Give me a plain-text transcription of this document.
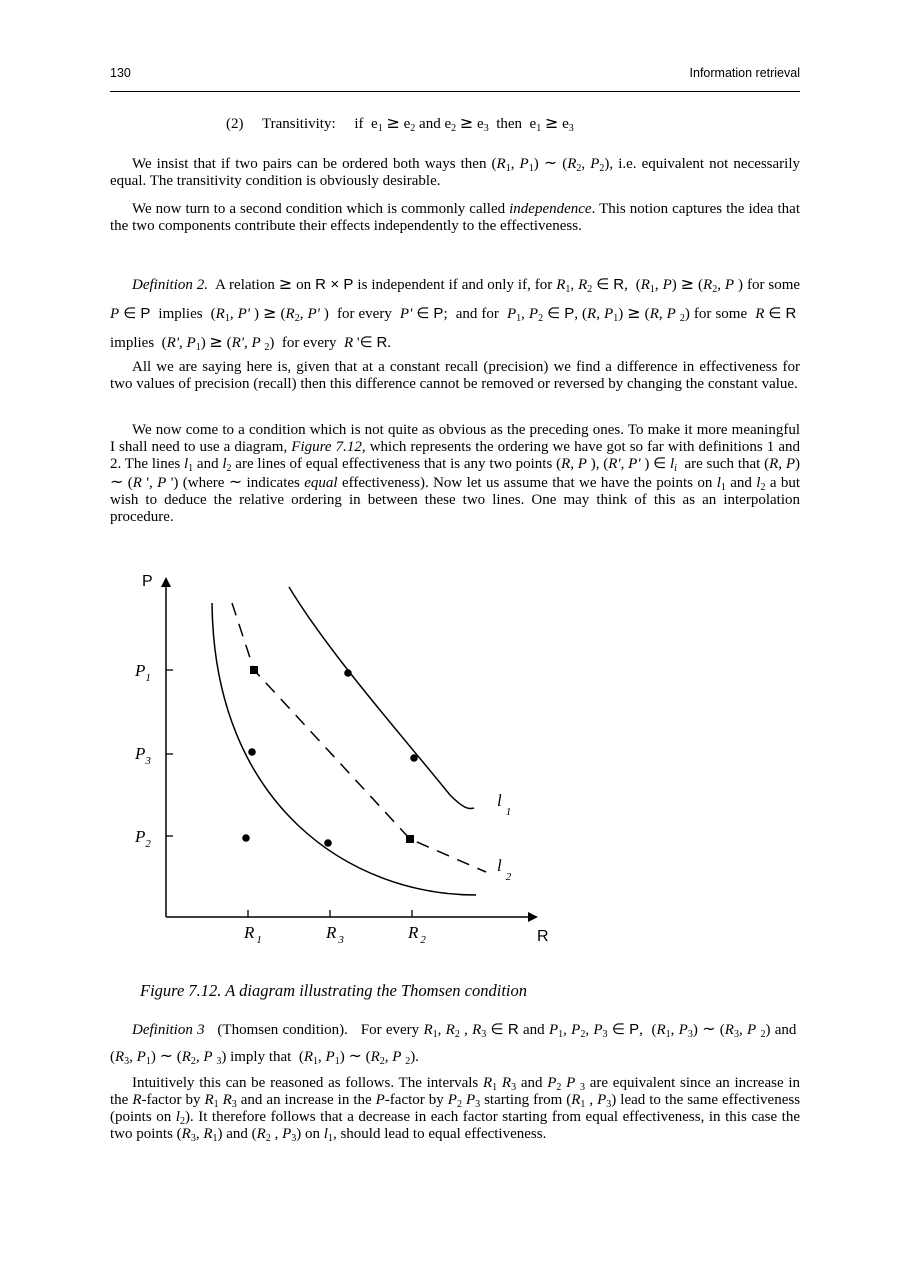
130	Information retrieval
(2) Transitivity: if  $e_1 \ge e_2$ and $e_2 \ge e_3$ then  $e_1 \ge e_3$
We insist that if two pairs can be ordered both ways then ($R_1$, $P_1$) ~ ($R_2$, $P_2$), i.e. equivalent not necessarily equal. The transitivity condition is obviously desirable.
We now turn to a second condition which is commonly called independence. This notion captures the idea that the two components contribute their effects independently to the effectiveness.
Definition 2. A relation ≥ on R × P is independent if and only if, for $R_1$, $R_2$ ∈ R,  ($R_1$, $P) \ge (R_2$, P ) for some P ∈ P implies  ($R_1$, P' ) ≥ ($R_2$, P' )  for every P' ∈ P;  and for $P_1$, $P_2$ ∈ P, (R, $P_1) \ge (R$, P $_2$) for some R ∈ R  implies  (R', $P_1) \ge (R'$, P $_2$)  for every R '∈ R.
All we are saying here is, given that at a constant recall (precision) we find a difference in effectiveness for two values of precision (recall) then this difference cannot be removed or reversed by changing the constant value.
We now come to a condition which is not quite as obvious as the preceding ones. To make it more meaningful I shall need to use a diagram, Figure 7.12, which represents the ordering we have got so far with definitions 1 and 2. The lines $l_1$ and $l_2$ are lines of equal effectiveness that is any two points (R, P ), (R', P' ) ∈ $l_i$  are such that (R, P) ~ (R ', P ') (where ~ indicates equal effectiveness). Now let us assume that we have the points on $l_1$ and $l_2$ a but wish to deduce the relative ordering in between these two lines. One may think of this as an interpolation procedure.
P
R
$P_1$
$P_3$
$P_2$
R $_1$	R $_3$	R $_2$
$l_1$
$l_2$
Figure 7.12. A diagram illustrating the Thomsen condition
Definition 3 (Thomsen condition). For every $R_1$, $R_2$ , $R_3$ ∈ R and $P_1$, $P_2$, $P_3$ ∈ P,  ($R_1$, $P_3$) ~ ($R_3$, P $_2$) and  ($R_3$, $P_1$) ~ ($R_2$, P $_3$) imply that  ($R_1$, $P_1$) ~ ($R_2$, P $_2$).
Intuitively this can be reasoned as follows. The intervals $R_1$ $R_3$ and $P_2$ P $_3$ are equivalent since an increase in the R-factor by $R_1$ $R_3$ and an increase in the P-factor by $P_2$ $P_3$ starting from ($R_1$ , $P_3$) lead to the same effectiveness (points on $l_2$). It therefore follows that a decrease in each factor starting from equal effectiveness, in this case the two points ($R_3$, $R_1$) and ($R_2$ , $P_3$) on $l_1$, should lead to equal effectiveness.
